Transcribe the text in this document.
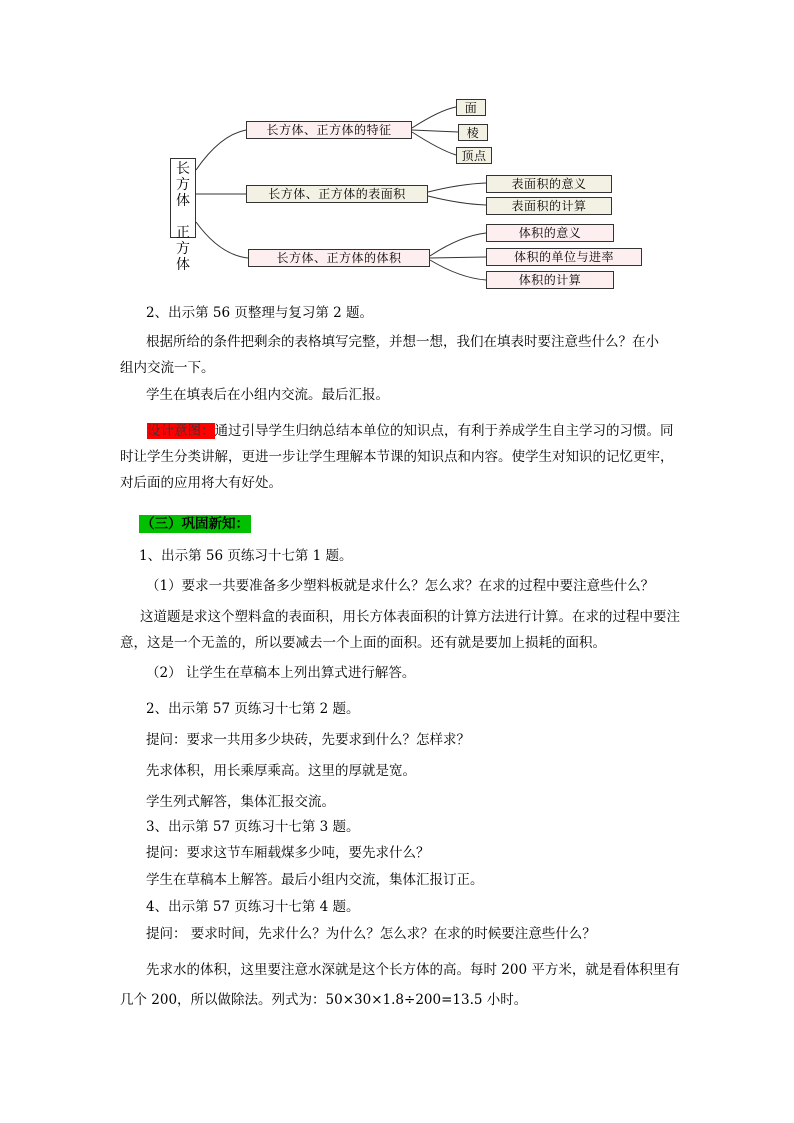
长方体
正方体
长方体、正方体的特征
长方体、正方体的表面积
长方体、正方体的体积
面
棱
顶点
表面积的意义
表面积的计算
体积的意义
体积的单位与进率
体积的计算
2、出示第 56 页整理与复习第 2 题。
根据所给的条件把剩余的表格填写完整，并想一想，我们在填表时要注意些什么？在小组内交流一下。
学生在填表后在小组内交流。最后汇报。
设计意图：通过引导学生归纳总结本单位的知识点，有利于养成学生自主学习的习惯。同时让学生分类讲解，更进一步让学生理解本节课的知识点和内容。使学生对知识的记忆更牢，对后面的应用将大有好处。
（三）巩固新知：
1、出示第 56 页练习十七第 1 题。
（1）要求一共要准备多少塑料板就是求什么？怎么求？在求的过程中要注意些什么？
这道题是求这个塑料盒的表面积，用长方体表面积的计算方法进行计算。在求的过程中要注意，这是一个无盖的，所以要减去一个上面的面积。还有就是要加上损耗的面积。
（2） 让学生在草稿本上列出算式进行解答。
2、出示第 57 页练习十七第 2 题。
提问：要求一共用多少块砖，先要求到什么？怎样求？
先求体积，用长乘厚乘高。这里的厚就是宽。
学生列式解答，集体汇报交流。
3、出示第 57 页练习十七第 3 题。
提问：要求这节车厢载煤多少吨，要先求什么？
学生在草稿本上解答。最后小组内交流，集体汇报订正。
4、出示第 57 页练习十七第 4 题。
提问： 要求时间，先求什么？为什么？怎么求？在求的时候要注意些什么？
先求水的体积，这里要注意水深就是这个长方体的高。每时 200 平方米，就是看体积里有几个 200，所以做除法。列式为：50×30×1.8÷200=13.5 小时。
